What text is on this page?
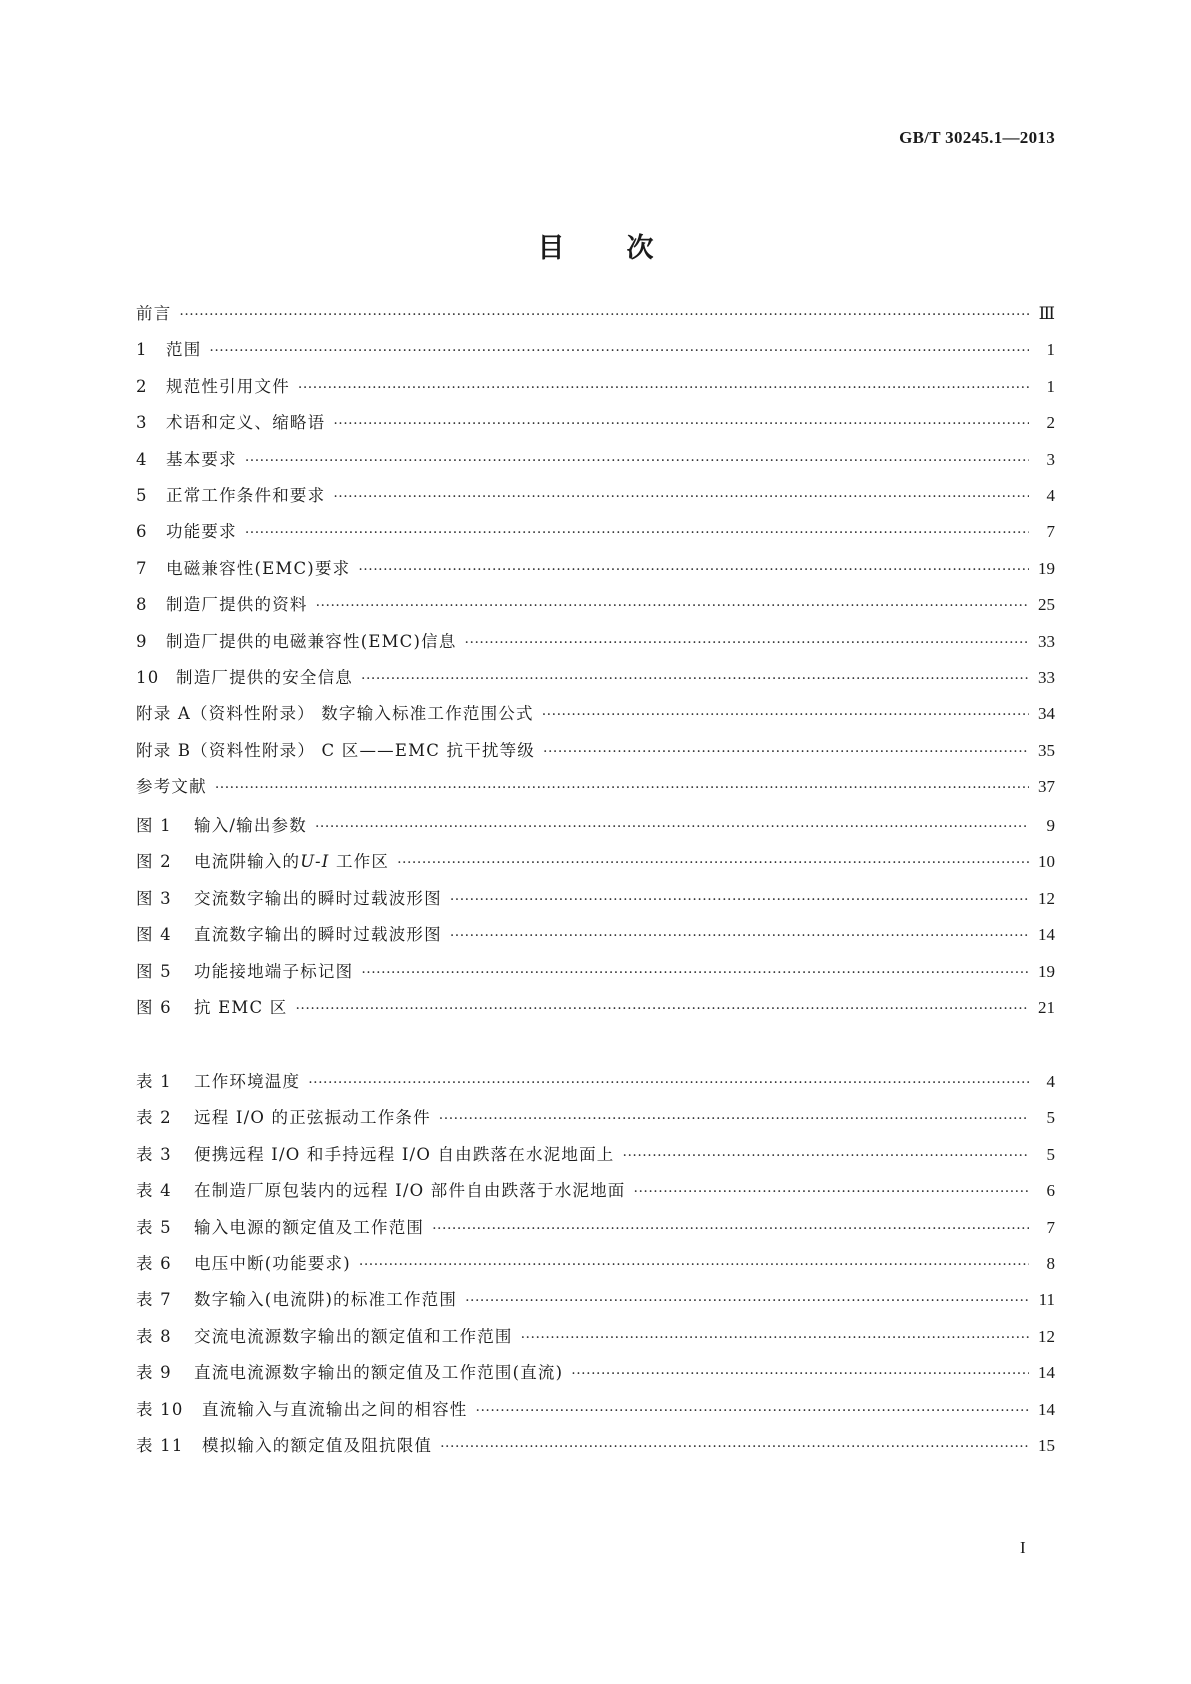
GB/T 30245.1—2013
目次
前言 ·····	Ⅲ
1 范围 ·····	1
2 规范性引用文件 ·····	1
3 术语和定义、缩略语 ·····	2
4 基本要求 ·····	3
5 正常工作条件和要求 ·····	4
6 功能要求 ·····	7
7 电磁兼容性(EMC)要求 ·····	19
8 制造厂提供的资料 ·····	25
9 制造厂提供的电磁兼容性(EMC)信息 ·····	33
10 制造厂提供的安全信息 ·····	33
附录 A（资料性附录） 数字输入标准工作范围公式 ·····	34
附录 B（资料性附录） C 区——EMC 抗干扰等级 ·····	35
参考文献 ·····	37
图 1 输入/输出参数 ·····	9
图 2 电流阱输入的U-I 工作区 ·····	10
图 3 交流数字输出的瞬时过载波形图 ·····	12
图 4 直流数字输出的瞬时过载波形图 ·····	14
图 5 功能接地端子标记图 ·····	19
图 6 抗 EMC 区 ·····	21
表 1 工作环境温度 ·····	4
表 2 远程 I/O 的正弦振动工作条件 ·····	5
表 3 便携远程 I/O 和手持远程 I/O 自由跌落在水泥地面上 ·····	5
表 4 在制造厂原包装内的远程 I/O 部件自由跌落于水泥地面 ·····	6
表 5 输入电源的额定值及工作范围 ·····	7
表 6 电压中断(功能要求) ·····	8
表 7 数字输入(电流阱)的标准工作范围 ·····	11
表 8 交流电流源数字输出的额定值和工作范围 ·····	12
表 9 直流电流源数字输出的额定值及工作范围(直流) ·····	14
表 10 直流输入与直流输出之间的相容性 ·····	14
表 11 模拟输入的额定值及阻抗限值 ·····	15
I
